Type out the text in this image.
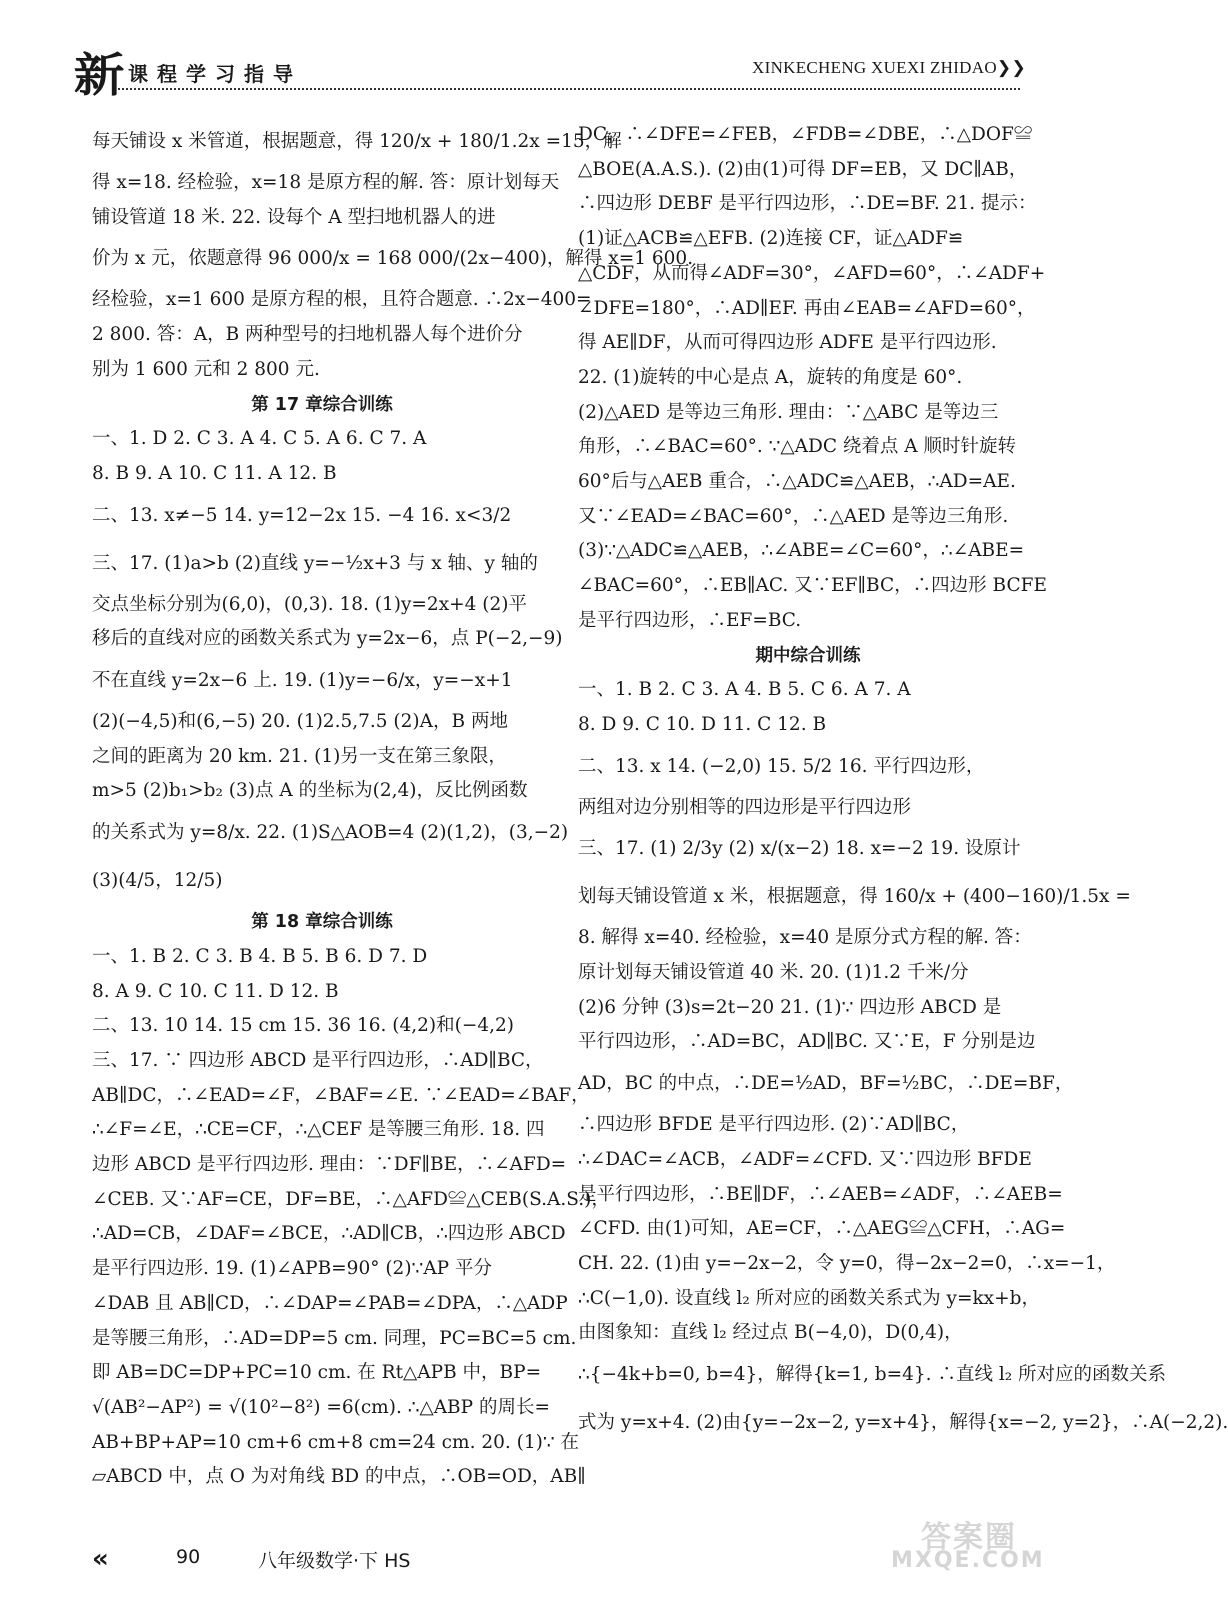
新 课程学习指导	XINKECHENG XUEXI ZHIDAO❯❯

每天铺设 x 米管道，根据题意，得 120/x + 180/1.2x =15，解

得 x=18. 经检验，x=18 是原方程的解. 答：原计划每天

铺设管道 18 米. 22. 设每个 A 型扫地机器人的进

价为 x 元，依题意得 96 000/x = 168 000/(2x−400)，解得 x=1 600.

经检验，x=1 600 是原方程的根，且符合题意. ∴2x−400=

2 800. 答：A，B 两种型号的扫地机器人每个进价分

别为 1 600 元和 2 800 元.

第 17 章综合训练

一、1. D 2. C 3. A 4. C 5. A 6. C 7. A

8. B 9. A 10. C 11. A 12. B

二、13. x≠−5 14. y=12−2x 15. −4 16. x<3/2

三、17. (1)a>b (2)直线 y=−½x+3 与 x 轴、y 轴的

交点坐标分别为(6,0)，(0,3). 18. (1)y=2x+4 (2)平

移后的直线对应的函数关系式为 y=2x−6，点 P(−2,−9)

不在直线 y=2x−6 上. 19. (1)y=−6/x，y=−x+1

(2)(−4,5)和(6,−5) 20. (1)2.5,7.5 (2)A，B 两地

之间的距离为 20 km. 21. (1)另一支在第三象限，

m>5 (2)b₁>b₂ (3)点 A 的坐标为(2,4)，反比例函数

的关系式为 y=8/x. 22. (1)S△AOB=4 (2)(1,2)，(3,−2)

(3)(4/5，12/5)

第 18 章综合训练

一、1. B 2. C 3. B 4. B 5. B 6. D 7. D

8. A 9. C 10. C 11. D 12. B

二、13. 10 14. 15 cm 15. 36 16. (4,2)和(−4,2)

三、17. ∵ 四边形 ABCD 是平行四边形，∴AD∥BC，

AB∥DC，∴∠EAD=∠F，∠BAF=∠E. ∵∠EAD=∠BAF，

∴∠F=∠E，∴CE=CF，∴△CEF 是等腰三角形. 18. 四

边形 ABCD 是平行四边形. 理由：∵DF∥BE，∴∠AFD=

∠CEB. 又∵AF=CE，DF=BE，∴△AFD≌△CEB(S.A.S.)，

∴AD=CB，∠DAF=∠BCE，∴AD∥CB，∴四边形 ABCD

是平行四边形. 19. (1)∠APB=90° (2)∵AP 平分

∠DAB 且 AB∥CD，∴∠DAP=∠PAB=∠DPA，∴△ADP

是等腰三角形，∴AD=DP=5 cm. 同理，PC=BC=5 cm.

即 AB=DC=DP+PC=10 cm. 在 Rt△APB 中，BP=

√(AB²−AP²) = √(10²−8²) =6(cm). ∴△ABP 的周长=

AB+BP+AP=10 cm+6 cm+8 cm=24 cm. 20. (1)∵ 在

▱ABCD 中，点 O 为对角线 BD 的中点，∴OB=OD，AB∥

DC，∴∠DFE=∠FEB，∠FDB=∠DBE，∴△DOF≌

△BOE(A.A.S.). (2)由(1)可得 DF=EB，又 DC∥AB，

∴四边形 DEBF 是平行四边形，∴DE=BF. 21. 提示：

(1)证△ACB≌△EFB. (2)连接 CF，证△ADF≌

△CDF，从而得∠ADF=30°，∠AFD=60°，∴∠ADF+

∠DFE=180°，∴AD∥EF. 再由∠EAB=∠AFD=60°，

得 AE∥DF，从而可得四边形 ADFE 是平行四边形.

22. (1)旋转的中心是点 A，旋转的角度是 60°.

(2)△AED 是等边三角形. 理由：∵△ABC 是等边三

角形，∴∠BAC=60°. ∵△ADC 绕着点 A 顺时针旋转

60°后与△AEB 重合，∴△ADC≌△AEB，∴AD=AE.

又∵∠EAD=∠BAC=60°，∴△AED 是等边三角形.

(3)∵△ADC≌△AEB，∴∠ABE=∠C=60°，∴∠ABE=

∠BAC=60°，∴EB∥AC. 又∵EF∥BC，∴四边形 BCFE

是平行四边形，∴EF=BC.

期中综合训练

一、1. B 2. C 3. A 4. B 5. C 6. A 7. A

8. D 9. C 10. D 11. C 12. B

二、13. x 14. (−2,0) 15. 5/2 16. 平行四边形，

两组对边分别相等的四边形是平行四边形

三、17. (1) 2/3y (2) x/(x−2) 18. x=−2 19. 设原计

划每天铺设管道 x 米，根据题意，得 160/x + (400−160)/1.5x =

8. 解得 x=40. 经检验，x=40 是原分式方程的解. 答：

原计划每天铺设管道 40 米. 20. (1)1.2 千米/分

(2)6 分钟 (3)s=2t−20 21. (1)∵ 四边形 ABCD 是

平行四边形，∴AD=BC，AD∥BC. 又∵E，F 分别是边

AD，BC 的中点，∴DE=½AD，BF=½BC，∴DE=BF，

∴四边形 BFDE 是平行四边形. (2)∵AD∥BC，

∴∠DAC=∠ACB，∠ADF=∠CFD. 又∵四边形 BFDE

是平行四边形，∴BE∥DF，∴∠AEB=∠ADF，∴∠AEB=

∠CFD. 由(1)可知，AE=CF，∴△AEG≌△CFH，∴AG=

CH. 22. (1)由 y=−2x−2，令 y=0，得−2x−2=0，∴x=−1，

∴C(−1,0). 设直线 l₂ 所对应的函数关系式为 y=kx+b，

由图象知：直线 l₂ 经过点 B(−4,0)，D(0,4)，

∴{−4k+b=0, b=4}，解得{k=1, b=4}. ∴直线 l₂ 所对应的函数关系

式为 y=x+4. (2)由{y=−2x−2, y=x+4}，解得{x=−2, y=2}，∴A(−2,2).

«	90	八年级数学·下 HS
答案圈
MXQE.COM
